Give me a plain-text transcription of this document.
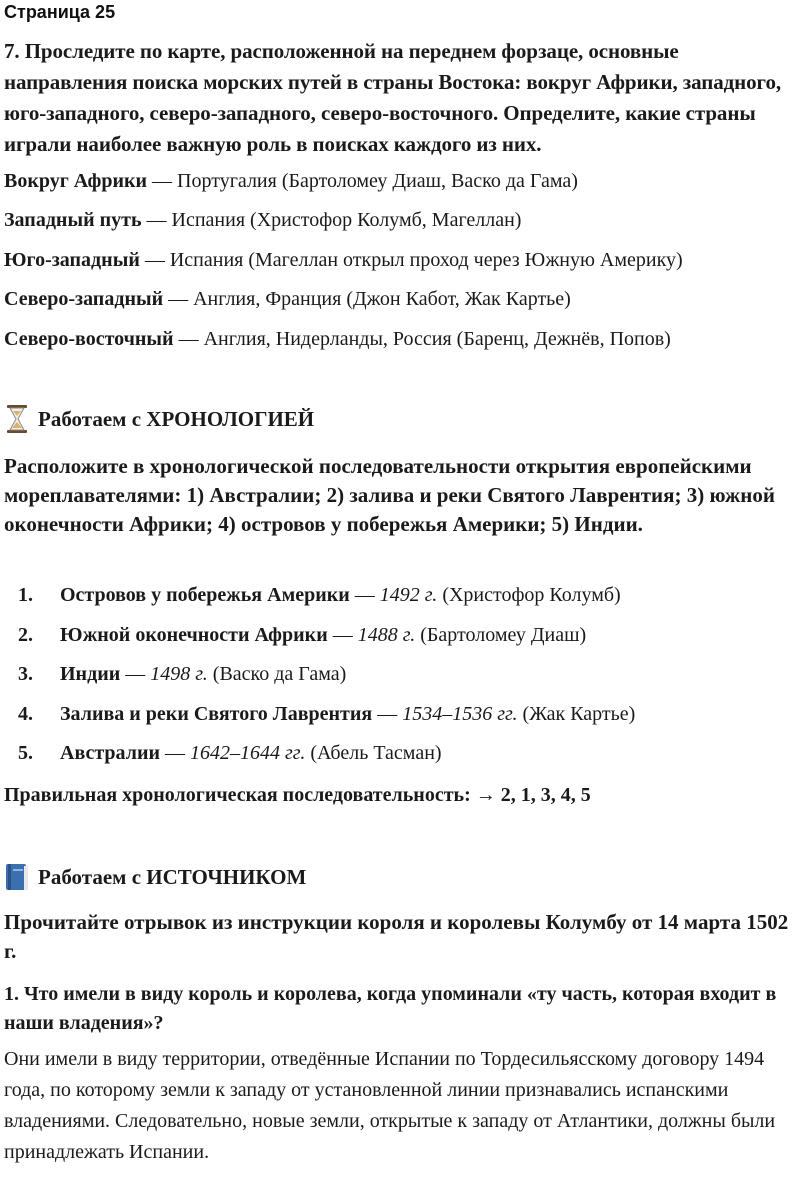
Страница 25
7. Проследите по карте, расположенной на переднем форзаце, основные направления поиска морских путей в страны Востока: вокруг Африки, западного, юго-западного, северо-западного, северо-восточного. Определите, какие страны играли наиболее важную роль в поисках каждого из них.
Вокруг Африки — Португалия (Бартоломеу Диаш, Васко да Гама)
Западный путь — Испания (Христофор Колумб, Магеллан)
Юго-западный — Испания (Магеллан открыл проход через Южную Америку)
Северо-западный — Англия, Франция (Джон Кабот, Жак Картье)
Северо-восточный — Англия, Нидерланды, Россия (Баренц, Дежнёв, Попов)
Работаем с ХРОНОЛОГИЕЙ
Расположите в хронологической последовательности открытия европейскими мореплавателями: 1) Австралии; 2) залива и реки Святого Лаврентия; 3) южной оконечности Африки; 4) островов у побережья Америки; 5) Индии.
1. Островов у побережья Америки — 1492 г. (Христофор Колумб)
2. Южной оконечности Африки — 1488 г. (Бартоломеу Диаш)
3. Индии — 1498 г. (Васко да Гама)
4. Залива и реки Святого Лаврентия — 1534–1536 гг. (Жак Картье)
5. Австралии — 1642–1644 гг. (Абель Тасман)
Правильная хронологическая последовательность: → 2, 1, 3, 4, 5
Работаем с ИСТОЧНИКОМ
Прочитайте отрывок из инструкции короля и королевы Колумбу от 14 марта 1502 г.
1. Что имели в виду король и королева, когда упоминали «ту часть, которая входит в наши владения»?
Они имели в виду территории, отведённые Испании по Тордесильясскому договору 1494 года, по которому земли к западу от установленной линии признавались испанскими владениями. Следовательно, новые земли, открытые к западу от Атлантики, должны были принадлежать Испании.
